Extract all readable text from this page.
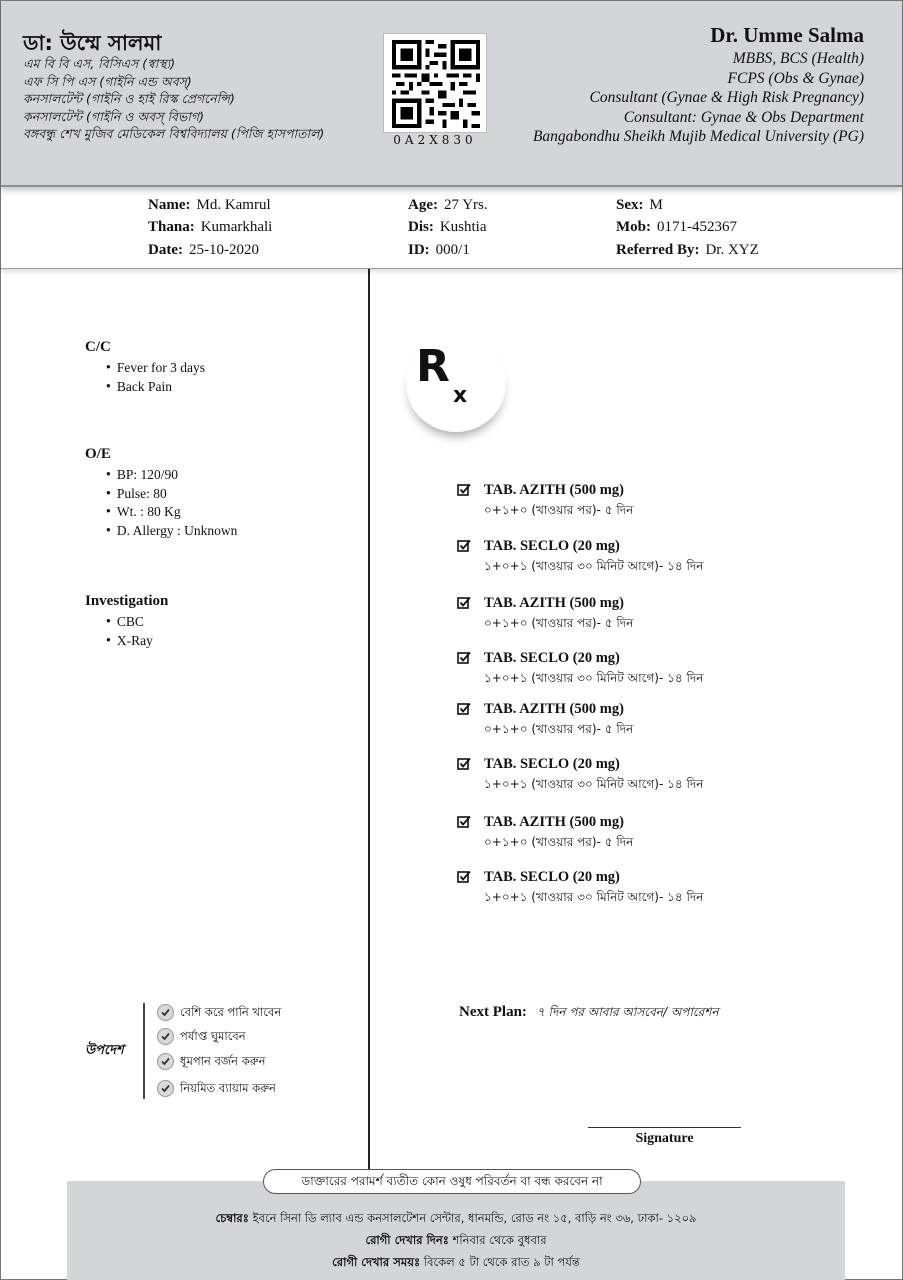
ডা: উম্মে সালমা
এম বি বি এস, বিসিএস (স্বাস্থ্য)
এফ সি পি এস (গাইনি এন্ড অবস্)
কনসালটেন্ট (গাইনি ও হাই রিস্ক প্রেগনেন্সি)
কনসালটেন্ট (গাইনি ও অবস্ বিভাগ)
বঙ্গবন্ধু শেখ মুজিব মেডিকেল বিশ্ববিদ্যালয় (পিজি হাসপাতাল)	0A2X830
Dr. Umme Salma
MBBS, BCS (Health)
FCPS (Obs & Gynae)
Consultant (Gynae & High Risk Pregnancy)
Consultant: Gynae & Obs Department
Bangabondhu Sheikh Mujib Medical University (PG)
Name: Md. Kamrul	Age: 27 Yrs.	Sex: M
Thana: Kumarkhali	Dis: Kushtia	Mob: 0171-452367
Date: 25-10-2020	ID: 000/1	Referred By: Dr. XYZ
C/C
● Fever for 3 days
● Back Pain
O/E
● BP: 120/90
● Pulse: 80
● Wt. : 80 Kg
● D. Allergy : Unknown
Investigation
● CBC
● X-Ray
R
x
TAB. AZITH (500 mg)
০+১+০ (খাওয়ার পর)- ৫ দিন
TAB. SECLO (20 mg)
১+০+১ (খাওয়ার ৩০ মিনিট আগে)- ১৪ দিন
TAB. AZITH (500 mg)
০+১+০ (খাওয়ার পর)- ৫ দিন
TAB. SECLO (20 mg)
১+০+১ (খাওয়ার ৩০ মিনিট আগে)- ১৪ দিন
TAB. AZITH (500 mg)
০+১+০ (খাওয়ার পর)- ৫ দিন
TAB. SECLO (20 mg)
১+০+১ (খাওয়ার ৩০ মিনিট আগে)- ১৪ দিন
TAB. AZITH (500 mg)
০+১+০ (খাওয়ার পর)- ৫ দিন
TAB. SECLO (20 mg)
১+০+১ (খাওয়ার ৩০ মিনিট আগে)- ১৪ দিন
উপদেশ
বেশি করে পানি খাবেন
পর্যাপ্ত ঘুমাবেন
ধূমপান বর্জন করুন
নিয়মিত ব্যায়াম করুন
Next Plan: ৭ দিন পর আবার আসবেন/ অপারেশন
Signature
ডাক্তারের পরামর্শ ব্যতীত কোন ওষুধ পরিবর্তন বা বন্ধ করবেন না
চেম্বারঃ ইবনে সিনা ডি ল্যাব এন্ড কনসালটেশন সেন্টার, ধানমন্ডি, রোড নং ১৫, বাড়ি নং ৩৬, ঢাকা- ১২০৯
রোগী দেখার দিনঃ শনিবার থেকে বুধবার
রোগী দেখার সময়ঃ বিকেল ৫ টা থেকে রাত ৯ টা পর্যন্ত
